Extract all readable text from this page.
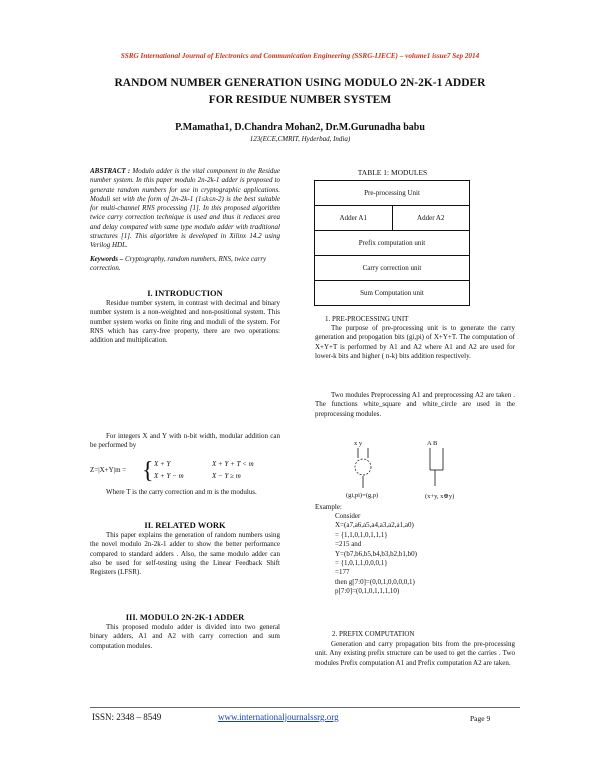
SSRG International Journal of Electronics and Communication Engineering (SSRG-IJECE) – volume1 issue7 Sep 2014
RANDOM NUMBER GENERATION USING MODULO 2N-2K-1 ADDER
FOR RESIDUE NUMBER SYSTEM
P.Mamatha1, D.Chandra Mohan2, Dr.M.Gurunadha babu
123(ECE,CMRIT, Hyderbad, India)
ABSTRACT : Modulo adder is the vital component in the Residue number system. In this paper modulo 2n-2k-1 adder is proposed to generate random numbers for use in cryptographic applications. Moduli set with the form of 2n-2k-1 (1≤k≤n-2) is the best suitable for multi-channel RNS processing [1]. In this proposed algorithm twice carry correction technique is used and thus it reduces area and delay compared with same type modulo adder with traditional structures [1]. This algorithm is developed in Xilinx 14.2 using Verilog HDL.
Keywords – Cryptography, random numbers, RNS, twice carry correction.
I. INTRODUCTION
Residue number system, in contrast with decimal and binary number system is a non-weighted and non-positional system. This number system works on finite ring and moduli of the system. For RNS which has carry-free property, there are two operations: addition and multiplication.
For integers X and Y with n-bit width, modular addition can be performed by
Z=|X+Y|m = { X + Y	X + Y + T < m
X + Y − m	X − Y ≥ m
Where T is the carry correction and m is the modulus.
II. RELATED WORK
This paper explains the generation of random numbers using the novel modulo 2n-2k-1 adder to show the better performance compared to standard adders . Also, the same modulo adder can also be used for self-testing using the Linear Feedback Shift Registers (LFSR).
III. MODULO 2N-2K-1 ADDER
This proposed modulo adder is divided into two general binary adders, A1 and A2 with carry correction and sum computation modules.
TABLE 1: MODULES
Pre-processing Unit
Adder A1	Adder A2
Prefix computation unit
Carry correction unit
Sum Computation unit
1. PRE-PROCESSING UNIT
The purpose of pre-processing unit is to generate the carry generation and propogation bits (gi,pi) of X+Y+T. The computation of X+Y+T is performed by A1 and A2 where A1 and A2 are used for lower-k bits and higher ( n-k) bits addition respectively.
Two modules Preprocessing A1 and preprocessing A2 are taken . The functions white_square and white_circle are used in the preprocessing modules.
x y
(gi,pi)=(g,p)
A B
(x+y, x⊕y)
Example:
Consider
X=(a7,a6,a5,a4,a3,a2,a1,a0)
= {1,1,0,1,0,1,1,1}
=215 and
Y=(b7,b6,b5,b4,b3,b2,b1,b0)
= {1,0,1,1,0,0,0,1}
=177
then g[7:0]=(0,0,1,0,0,0,0,1)
p[7:0]=(0,1,0,1,1,1,10)
2. PREFIX COMPUTATION
Generation and carry propagation bits from the pre-processing unit. Any existing prefix structure can be used to get the carries . Two modules Prefix computation A1 and Prefix computation A2 are taken.
ISSN: 2348 – 8549	www.internationaljournalssrg.org	Page 9
